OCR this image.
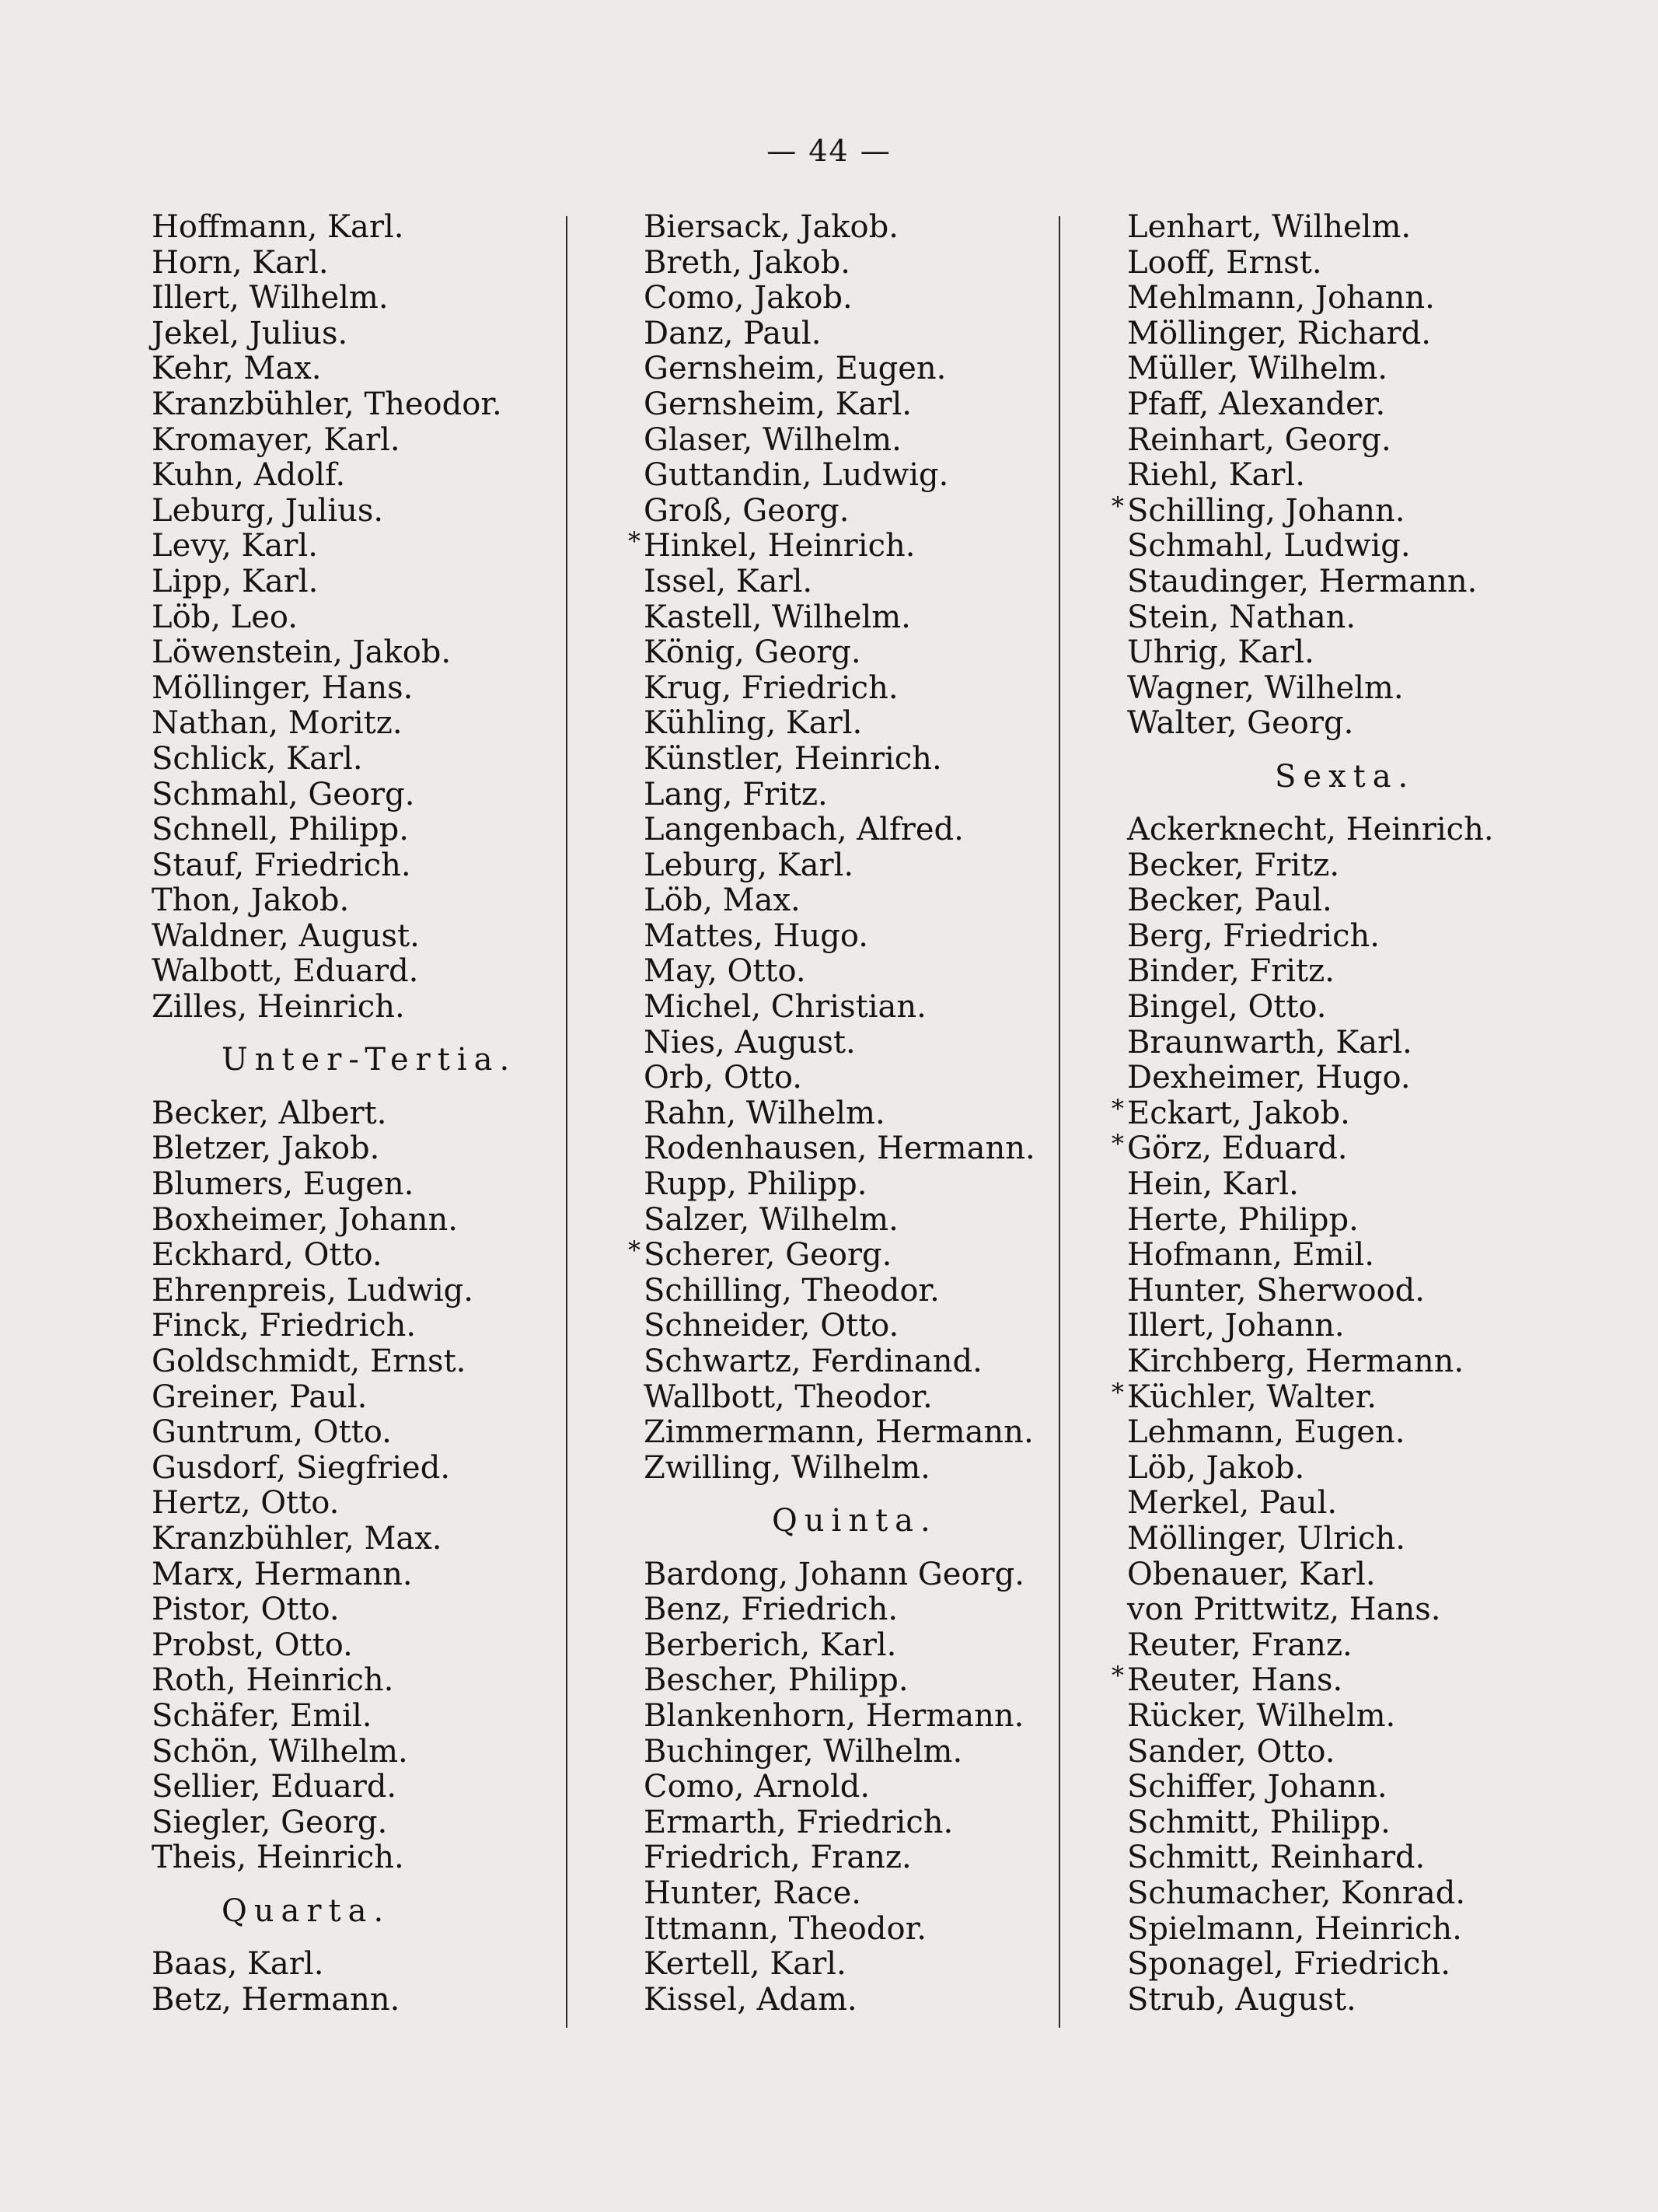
— 44 —
Hoffmann, Karl.
Horn, Karl.
Illert, Wilhelm.
Jekel, Julius.
Kehr, Max.
Kranzbühler, Theodor.
Kromayer, Karl.
Kuhn, Adolf.
Leburg, Julius.
Levy, Karl.
Lipp, Karl.
Löb, Leo.
Löwenstein, Jakob.
Möllinger, Hans.
Nathan, Moritz.
Schlick, Karl.
Schmahl, Georg.
Schnell, Philipp.
Stauf, Friedrich.
Thon, Jakob.
Waldner, August.
Walbott, Eduard.
Zilles, Heinrich.
Unter-Tertia.
Becker, Albert.
Bletzer, Jakob.
Blumers, Eugen.
Boxheimer, Johann.
Eckhard, Otto.
Ehrenpreis, Ludwig.
Finck, Friedrich.
Goldschmidt, Ernst.
Greiner, Paul.
Guntrum, Otto.
Gusdorf, Siegfried.
Hertz, Otto.
Kranzbühler, Max.
Marx, Hermann.
Pistor, Otto.
Probst, Otto.
Roth, Heinrich.
Schäfer, Emil.
Schön, Wilhelm.
Sellier, Eduard.
Siegler, Georg.
Theis, Heinrich.
Quarta.
Baas, Karl.
Betz, Hermann.
Biersack, Jakob.
Breth, Jakob.
Como, Jakob.
Danz, Paul.
Gernsheim, Eugen.
Gernsheim, Karl.
Glaser, Wilhelm.
Guttandin, Ludwig.
Groß, Georg.
* Hinkel, Heinrich.
Issel, Karl.
Kastell, Wilhelm.
König, Georg.
Krug, Friedrich.
Kühling, Karl.
Künstler, Heinrich.
Lang, Fritz.
Langenbach, Alfred.
Leburg, Karl.
Löb, Max.
Mattes, Hugo.
May, Otto.
Michel, Christian.
Nies, August.
Orb, Otto.
Rahn, Wilhelm.
Rodenhausen, Hermann.
Rupp, Philipp.
Salzer, Wilhelm.
* Scherer, Georg.
Schilling, Theodor.
Schneider, Otto.
Schwartz, Ferdinand.
Wallbott, Theodor.
Zimmermann, Hermann.
Zwilling, Wilhelm.
Quinta.
Bardong, Johann Georg.
Benz, Friedrich.
Berberich, Karl.
Bescher, Philipp.
Blankenhorn, Hermann.
Buchinger, Wilhelm.
Como, Arnold.
Ermarth, Friedrich.
Friedrich, Franz.
Hunter, Race.
Ittmann, Theodor.
Kertell, Karl.
Kissel, Adam.
Lenhart, Wilhelm.
Looff, Ernst.
Mehlmann, Johann.
Möllinger, Richard.
Müller, Wilhelm.
Pfaff, Alexander.
Reinhart, Georg.
Riehl, Karl.
* Schilling, Johann.
Schmahl, Ludwig.
Staudinger, Hermann.
Stein, Nathan.
Uhrig, Karl.
Wagner, Wilhelm.
Walter, Georg.
Sexta.
Ackerknecht, Heinrich.
Becker, Fritz.
Becker, Paul.
Berg, Friedrich.
Binder, Fritz.
Bingel, Otto.
Braunwarth, Karl.
Dexheimer, Hugo.
* Eckart, Jakob.
* Görz, Eduard.
Hein, Karl.
Herte, Philipp.
Hofmann, Emil.
Hunter, Sherwood.
Illert, Johann.
Kirchberg, Hermann.
* Küchler, Walter.
Lehmann, Eugen.
Löb, Jakob.
Merkel, Paul.
Möllinger, Ulrich.
Obenauer, Karl.
von Prittwitz, Hans.
Reuter, Franz.
* Reuter, Hans.
Rücker, Wilhelm.
Sander, Otto.
Schiffer, Johann.
Schmitt, Philipp.
Schmitt, Reinhard.
Schumacher, Konrad.
Spielmann, Heinrich.
Sponagel, Friedrich.
Strub, August.
